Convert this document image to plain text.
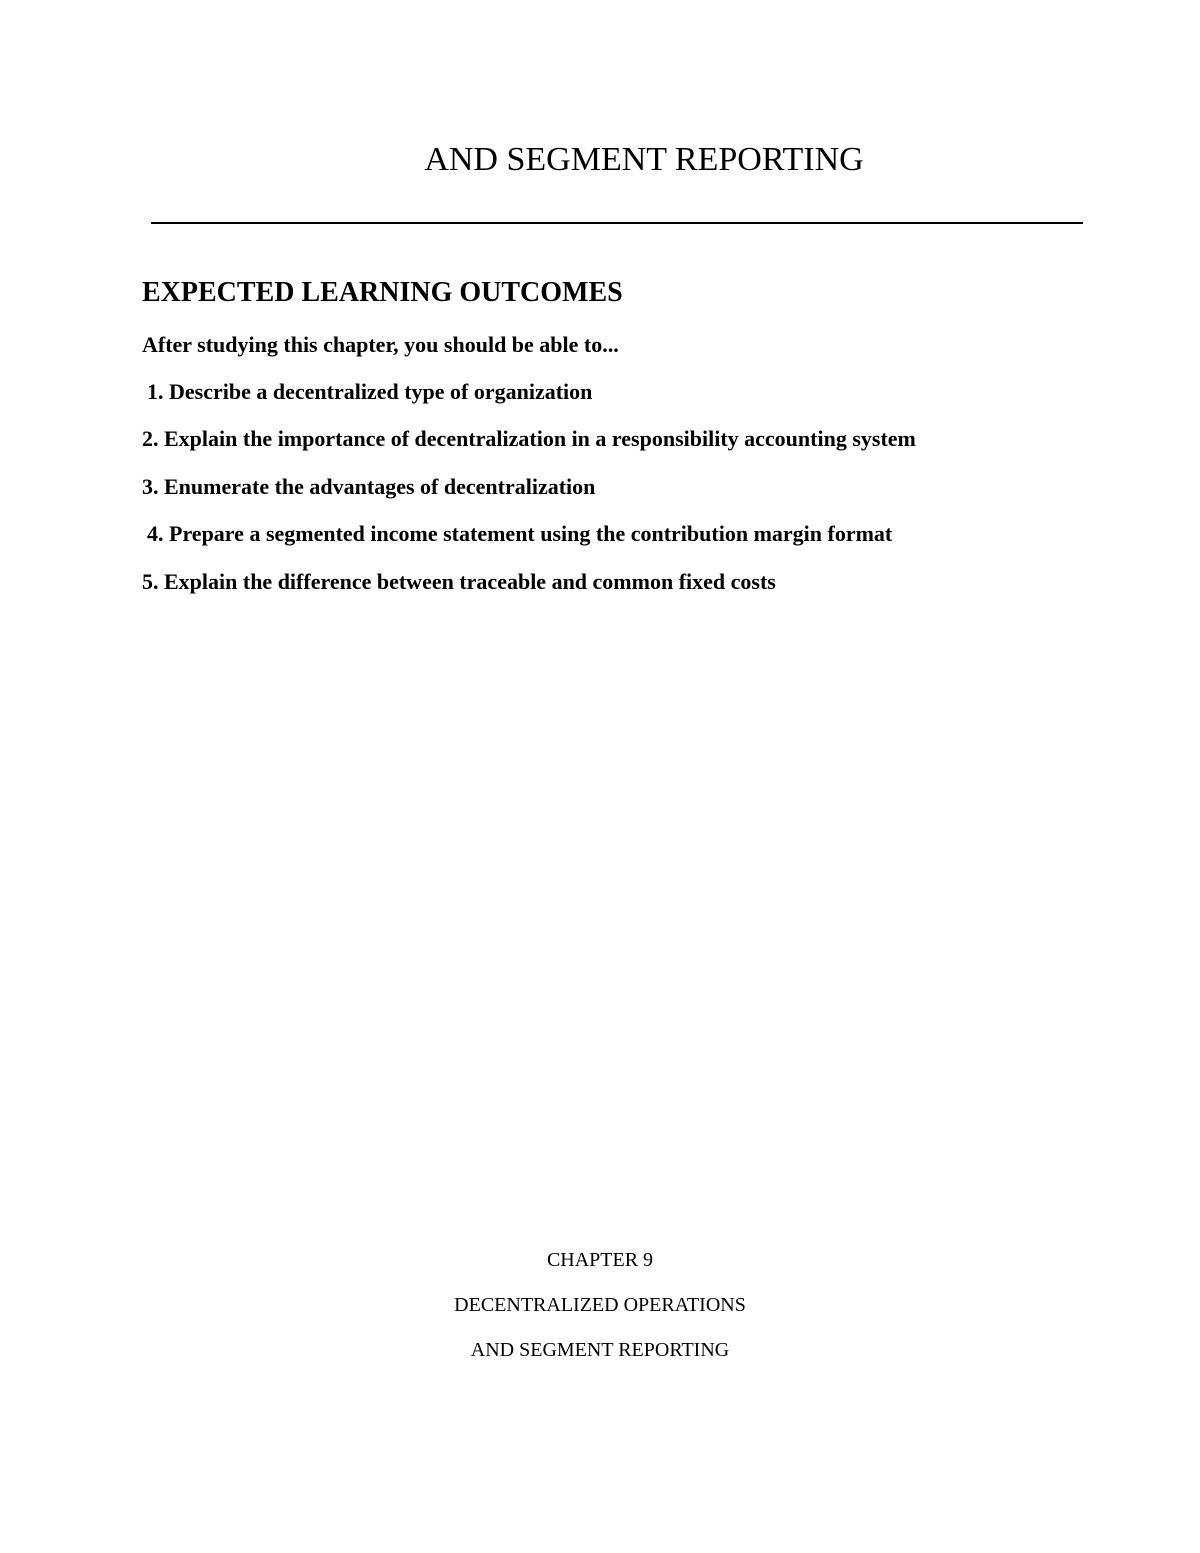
AND SEGMENT REPORTING
EXPECTED LEARNING OUTCOMES
After studying this chapter, you should be able to...
1. Describe a decentralized type of organization
2. Explain the importance of decentralization in a responsibility accounting system
3. Enumerate the advantages of decentralization
4. Prepare a segmented income statement using the contribution margin format
5. Explain the difference between traceable and common fixed costs
CHAPTER 9
DECENTRALIZED OPERATIONS
AND SEGMENT REPORTING
